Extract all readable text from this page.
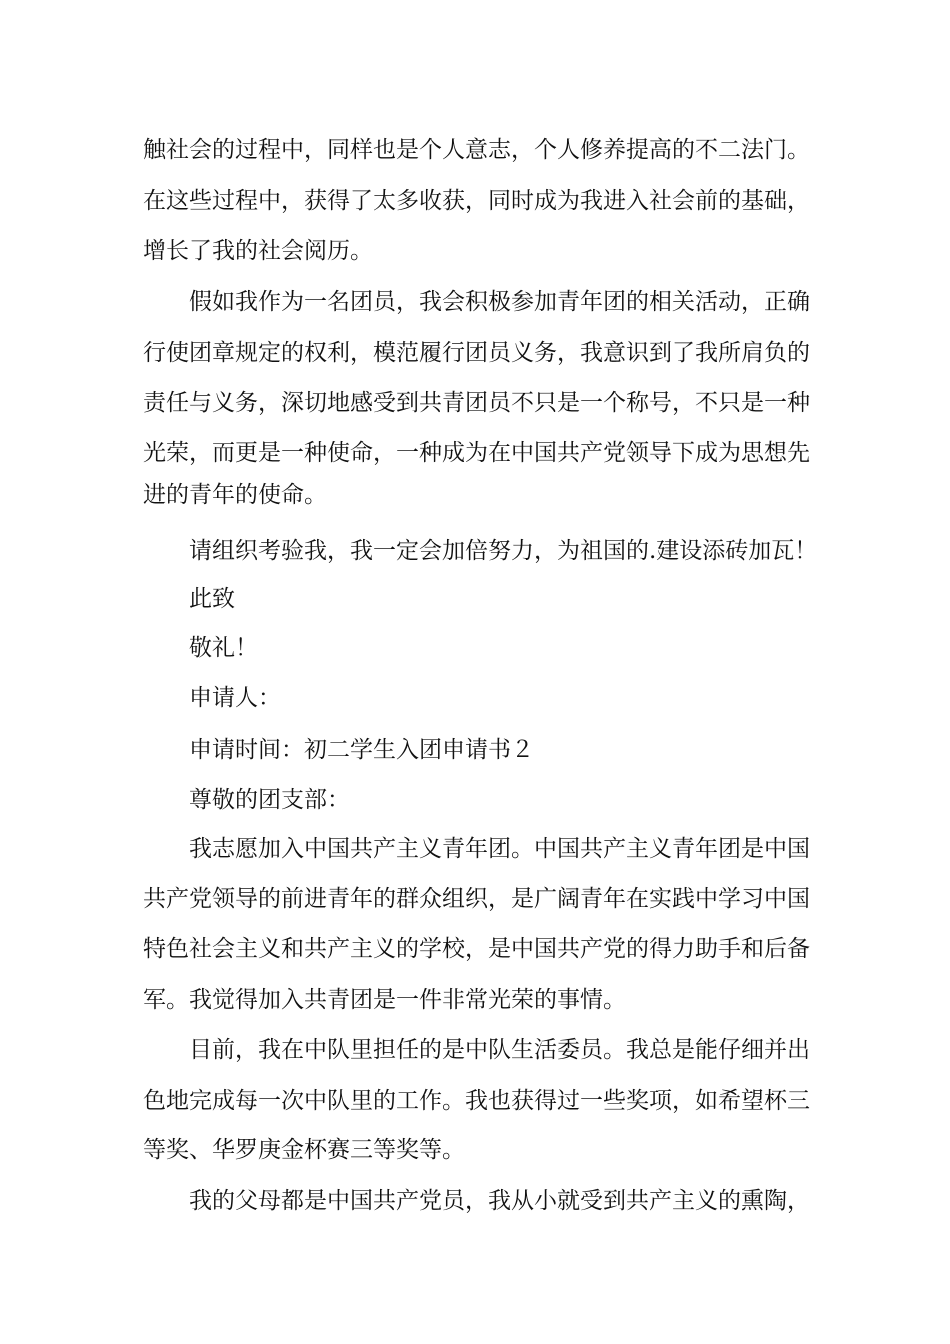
触社会的过程中，同样也是个人意志，个人修养提高的不二法门。
在这些过程中，获得了太多收获，同时成为我进入社会前的基础，
增长了我的社会阅历。
假如我作为一名团员，我会积极参加青年团的相关活动，正确
行使团章规定的权利，模范履行团员义务，我意识到了我所肩负的
责任与义务，深切地感受到共青团员不只是一个称号，不只是一种
光荣，而更是一种使命，一种成为在中国共产党领导下成为思想先
进的青年的使命。
请组织考验我，我一定会加倍努力，为祖国的.建设添砖加瓦！
此致
敬礼！
申请人：
申请时间：初二学生入团申请书２
尊敬的团支部：
我志愿加入中国共产主义青年团。中国共产主义青年团是中国
共产党领导的前进青年的群众组织，是广阔青年在实践中学习中国
特色社会主义和共产主义的学校，是中国共产党的得力助手和后备
军。我觉得加入共青团是一件非常光荣的事情。
目前，我在中队里担任的是中队生活委员。我总是能仔细并出
色地完成每一次中队里的工作。我也获得过一些奖项，如希望杯三
等奖、华罗庚金杯赛三等奖等。
我的父母都是中国共产党员，我从小就受到共产主义的熏陶，
